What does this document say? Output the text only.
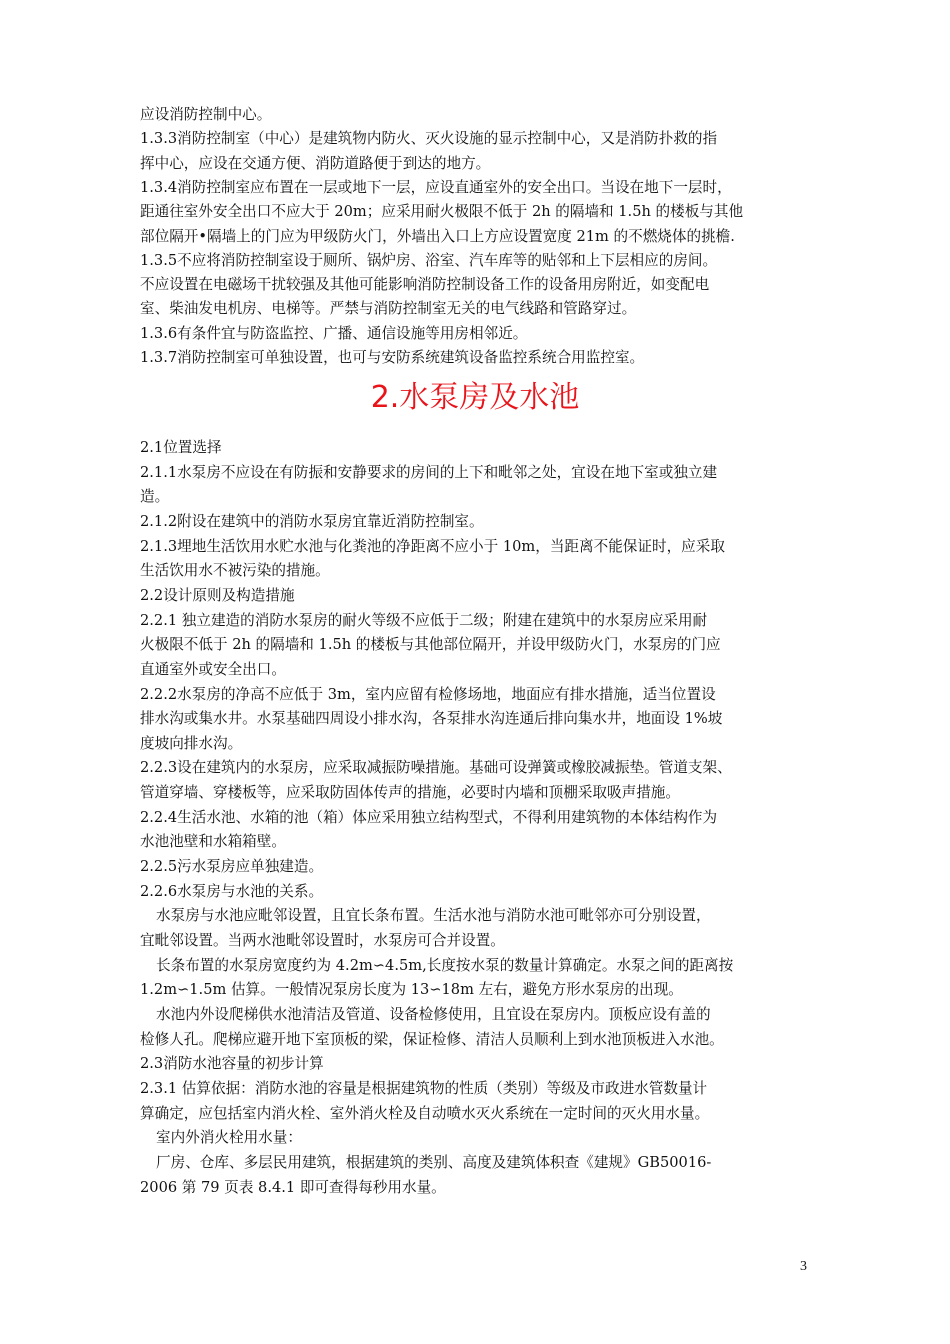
应设消防控制中心。
1.3.3消防控制室（中心）是建筑物内防火、灭火设施的显示控制中心，又是消防扑救的指
挥中心，应设在交通方便、消防道路便于到达的地方。
1.3.4消防控制室应布置在一层或地下一层，应设直通室外的安全出口。当设在地下一层时，
距通往室外安全出口不应大于 20m；应采用耐火极限不低于 2h 的隔墙和 1.5h 的楼板与其他
部位隔开•隔墙上的门应为甲级防火门，外墙出入口上方应设置宽度 21m 的不燃烧体的挑檐.
1.3.5不应将消防控制室设于厕所、锅炉房、浴室、汽车库等的贴邻和上下层相应的房间。
不应设置在电磁场干扰较强及其他可能影响消防控制设备工作的设备用房附近，如变配电
室、柴油发电机房、电梯等。严禁与消防控制室无关的电气线路和管路穿过。
1.3.6有条件宜与防盗监控、广播、通信设施等用房相邻近。
1.3.7消防控制室可单独设置，也可与安防系统建筑设备监控系统合用监控室。
2.1位置选择
2.1.1水泵房不应设在有防振和安静要求的房间的上下和毗邻之处，宜设在地下室或独立建
造。
2.1.2附设在建筑中的消防水泵房宜靠近消防控制室。
2.1.3埋地生活饮用水贮水池与化粪池的净距离不应小于 10m，当距离不能保证时，应采取
生活饮用水不被污染的措施。
2.2设计原则及构造措施
2.2.1 独立建造的消防水泵房的耐火等级不应低于二级；附建在建筑中的水泵房应采用耐
火极限不低于 2h 的隔墙和 1.5h 的楼板与其他部位隔开，并设甲级防火门，水泵房的门应
直通室外或安全出口。
2.2.2水泵房的净高不应低于 3m，室内应留有检修场地，地面应有排水措施，适当位置设
排水沟或集水井。水泵基础四周设小排水沟，各泵排水沟连通后排向集水井，地面设 1%坡
度坡向排水沟。
2.2.3设在建筑内的水泵房，应采取减振防噪措施。基础可设弹簧或橡胶减振垫。管道支架、
管道穿墙、穿楼板等，应采取防固体传声的措施，必要时内墙和顶棚采取吸声措施。
2.2.4生活水池、水箱的池（箱）体应采用独立结构型式，不得利用建筑物的本体结构作为
水池池壁和水箱箱壁。
2.2.5污水泵房应单独建造。
2.2.6水泵房与水池的关系。
水泵房与水池应毗邻设置，且宜长条布置。生活水池与消防水池可毗邻亦可分别设置，
宜毗邻设置。当两水池毗邻设置时，水泵房可合并设置。
长条布置的水泵房宽度约为 4.2m∽4.5m,长度按水泵的数量计算确定。水泵之间的距离按
1.2m∽1.5m 估算。一般情况泵房长度为 13∽18m 左右，避免方形水泵房的出现。
水池内外设爬梯供水池清洁及管道、设备检修使用，且宜设在泵房内。顶板应设有盖的
检修人孔。爬梯应避开地下室顶板的梁，保证检修、清洁人员顺利上到水池顶板进入水池。
2.3消防水池容量的初步计算
2.3.1 估算依据：消防水池的容量是根据建筑物的性质（类别）等级及市政进水管数量计
算确定，应包括室内消火栓、室外消火栓及自动喷水灭火系统在一定时间的灭火用水量。
室内外消火栓用水量：
厂房、仓库、多层民用建筑，根据建筑的类别、高度及建筑体积查《建规》GB50016-
2006 第 79 页表 8.4.1 即可查得每秒用水量。
2.水泵房及水池
3
